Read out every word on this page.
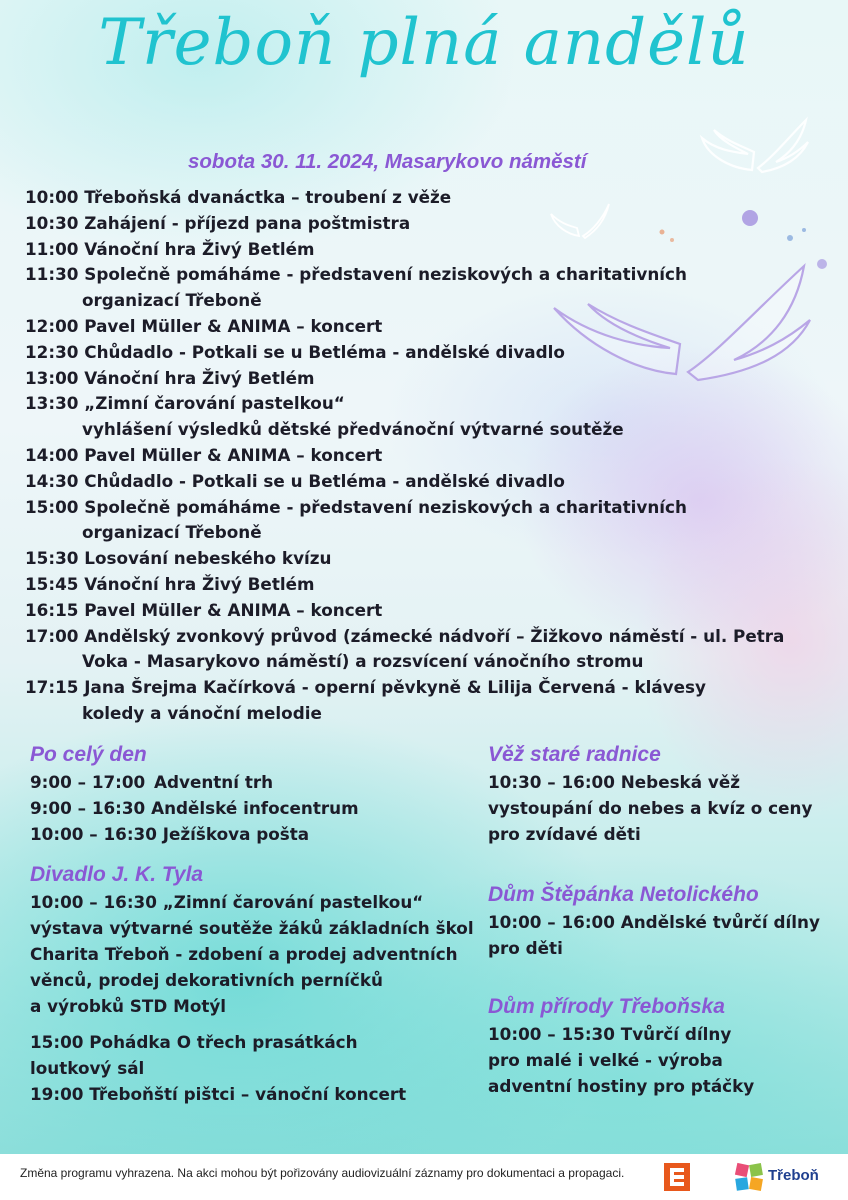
Třeboň plná andělů

sobota 30. 11. 2024, Masarykovo náměstí

10:00 Třeboňská dvanáctka – troubení z věže
10:30 Zahájení - příjezd pana poštmistra
11:00 Vánoční hra Živý Betlém
11:30 Společně pomáháme - představení neziskových a charitativních
organizací Třeboně
12:00 Pavel Müller & ANIMA – koncert
12:30 Chůdadlo - Potkali se u Betléma - andělské divadlo
13:00 Vánoční hra Živý Betlém
13:30 „Zimní čarování pastelkou“
vyhlášení výsledků dětské předvánoční výtvarné soutěže
14:00 Pavel Müller & ANIMA – koncert
14:30 Chůdadlo - Potkali se u Betléma - andělské divadlo
15:00 Společně pomáháme - představení neziskových a charitativních
organizací Třeboně
15:30 Losování nebeského kvízu
15:45 Vánoční hra Živý Betlém
16:15 Pavel Müller & ANIMA – koncert
17:00 Andělský zvonkový průvod (zámecké nádvoří – Žižkovo náměstí - ul. Petra
Voka - Masarykovo náměstí) a rozsvícení vánočního stromu
17:15 Jana Šrejma Kačírková - operní pěvkyně & Lilija Červená - klávesy
koledy a vánoční melodie
Po celý den
9:00 – 17:00 Adventní trh
9:00 – 16:30 Andělské infocentrum
10:00 – 16:30 Ježíškova pošta
Divadlo J. K. Tyla
10:00 – 16:30 „Zimní čarování pastelkou“
výstava výtvarné soutěže žáků základních škol
Charita Třeboň - zdobení a prodej adventních
věnců, prodej dekorativních perníčků
a výrobků STD Motýl
15:00 Pohádka O třech prasátkách
loutkový sál
19:00 Třeboňští pištci – vánoční koncert
Věž staré radnice
10:30 – 16:00 Nebeská věž
vystoupání do nebes a kvíz o ceny
pro zvídavé děti
Dům Štěpánka Netolického
10:00 – 16:00 Andělské tvůrčí dílny
pro děti
Dům přírody Třeboňska
10:00 – 15:30 Tvůrčí dílny
pro malé i velké - výroba
adventní hostiny pro ptáčky
Změna programu vyhrazena. Na akci mohou být pořizovány audiovizuální záznamy pro dokumentaci a propagaci.	Třeboň
